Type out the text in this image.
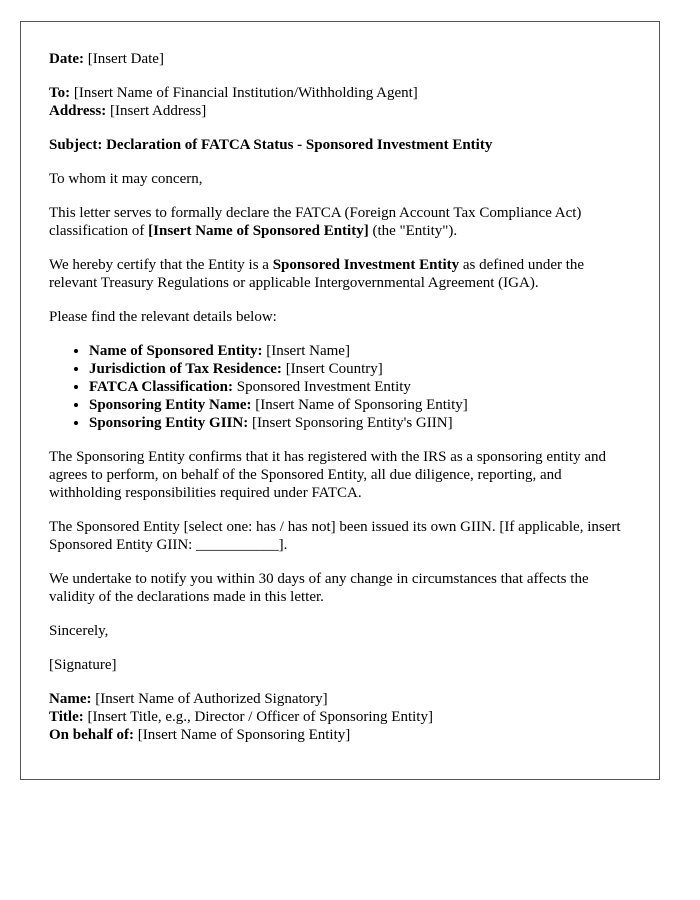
Date: [Insert Date]

To: [Insert Name of Financial Institution/Withholding Agent]

Address: [Insert Address]

Subject: Declaration of FATCA Status - Sponsored Investment Entity

To whom it may concern,

This letter serves to formally declare the FATCA (Foreign Account Tax Compliance Act) classification of [Insert Name of Sponsored Entity] (the "Entity").

We hereby certify that the Entity is a Sponsored Investment Entity as defined under the relevant Treasury Regulations or applicable Intergovernmental Agreement (IGA).

Please find the relevant details below:

• Name of Sponsored Entity: [Insert Name]
• Jurisdiction of Tax Residence: [Insert Country]
• FATCA Classification: Sponsored Investment Entity
• Sponsoring Entity Name: [Insert Name of Sponsoring Entity]
• Sponsoring Entity GIIN: [Insert Sponsoring Entity's GIIN]

The Sponsoring Entity confirms that it has registered with the IRS as a sponsoring entity and agrees to perform, on behalf of the Sponsored Entity, all due diligence, reporting, and withholding responsibilities required under FATCA.

The Sponsored Entity [select one: has / has not] been issued its own GIIN. [If applicable, insert Sponsored Entity GIIN: ___________].

We undertake to notify you within 30 days of any change in circumstances that affects the validity of the declarations made in this letter.

Sincerely,

[Signature]

Name: [Insert Name of Authorized Signatory]

Title: [Insert Title, e.g., Director / Officer of Sponsoring Entity]

On behalf of: [Insert Name of Sponsoring Entity]
